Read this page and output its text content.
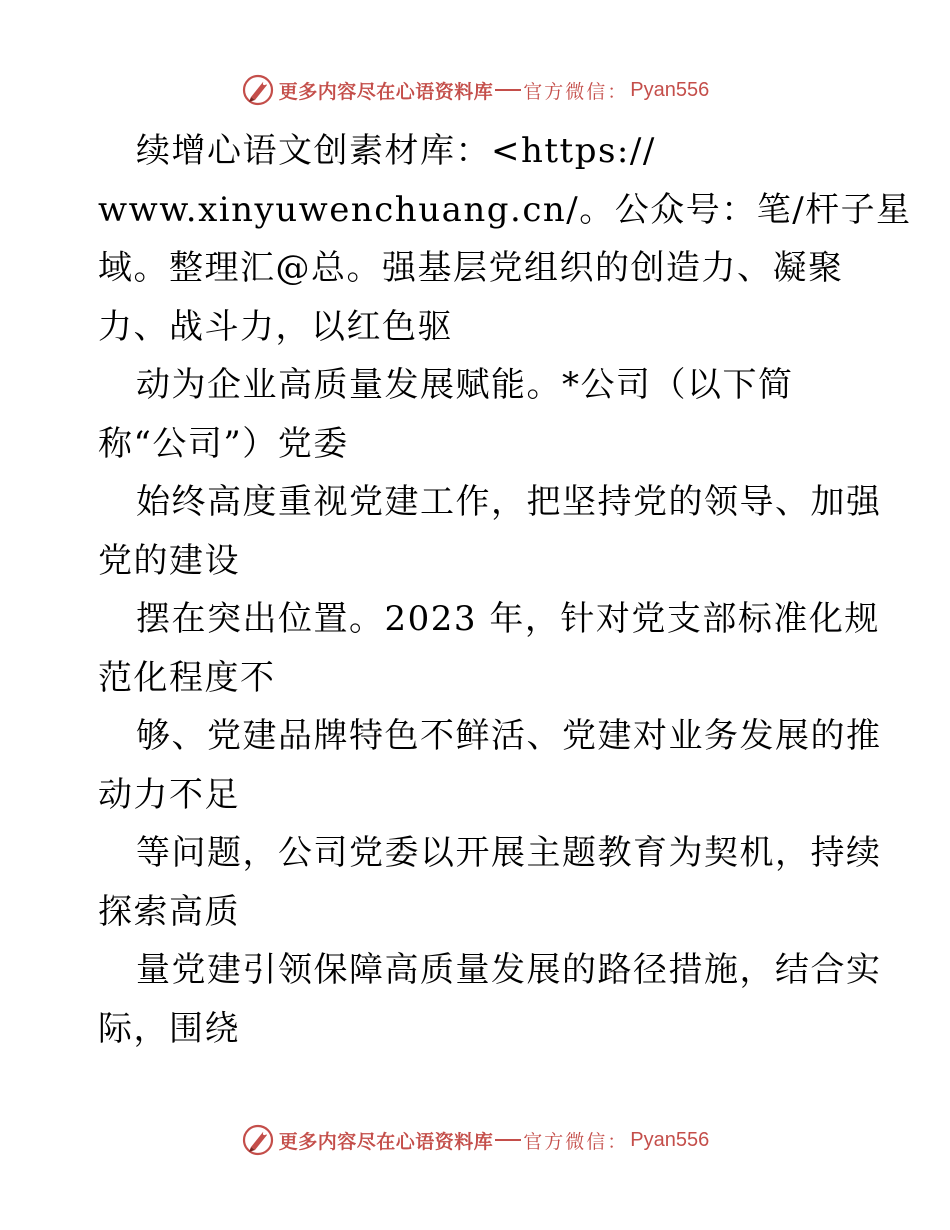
更多内容尽在心语资料库 官方微信： Pyan556
续增心语文创素材库：<https://
www.xinyuwenchuang.cn/。公众号：笔/杆子星
域。整理汇@总。强基层党组织的创造力、凝聚
力、战斗力，以红色驱
动为企业高质量发展赋能。*公司（以下简
称“公司”）党委
始终高度重视党建工作，把坚持党的领导、加强
党的建设
摆在突出位置。2023 年，针对党支部标准化规
范化程度不
够、党建品牌特色不鲜活、党建对业务发展的推
动力不足
等问题，公司党委以开展主题教育为契机，持续
探索高质
量党建引领保障高质量发展的路径措施，结合实
际，围绕
更多内容尽在心语资料库 官方微信： Pyan556
